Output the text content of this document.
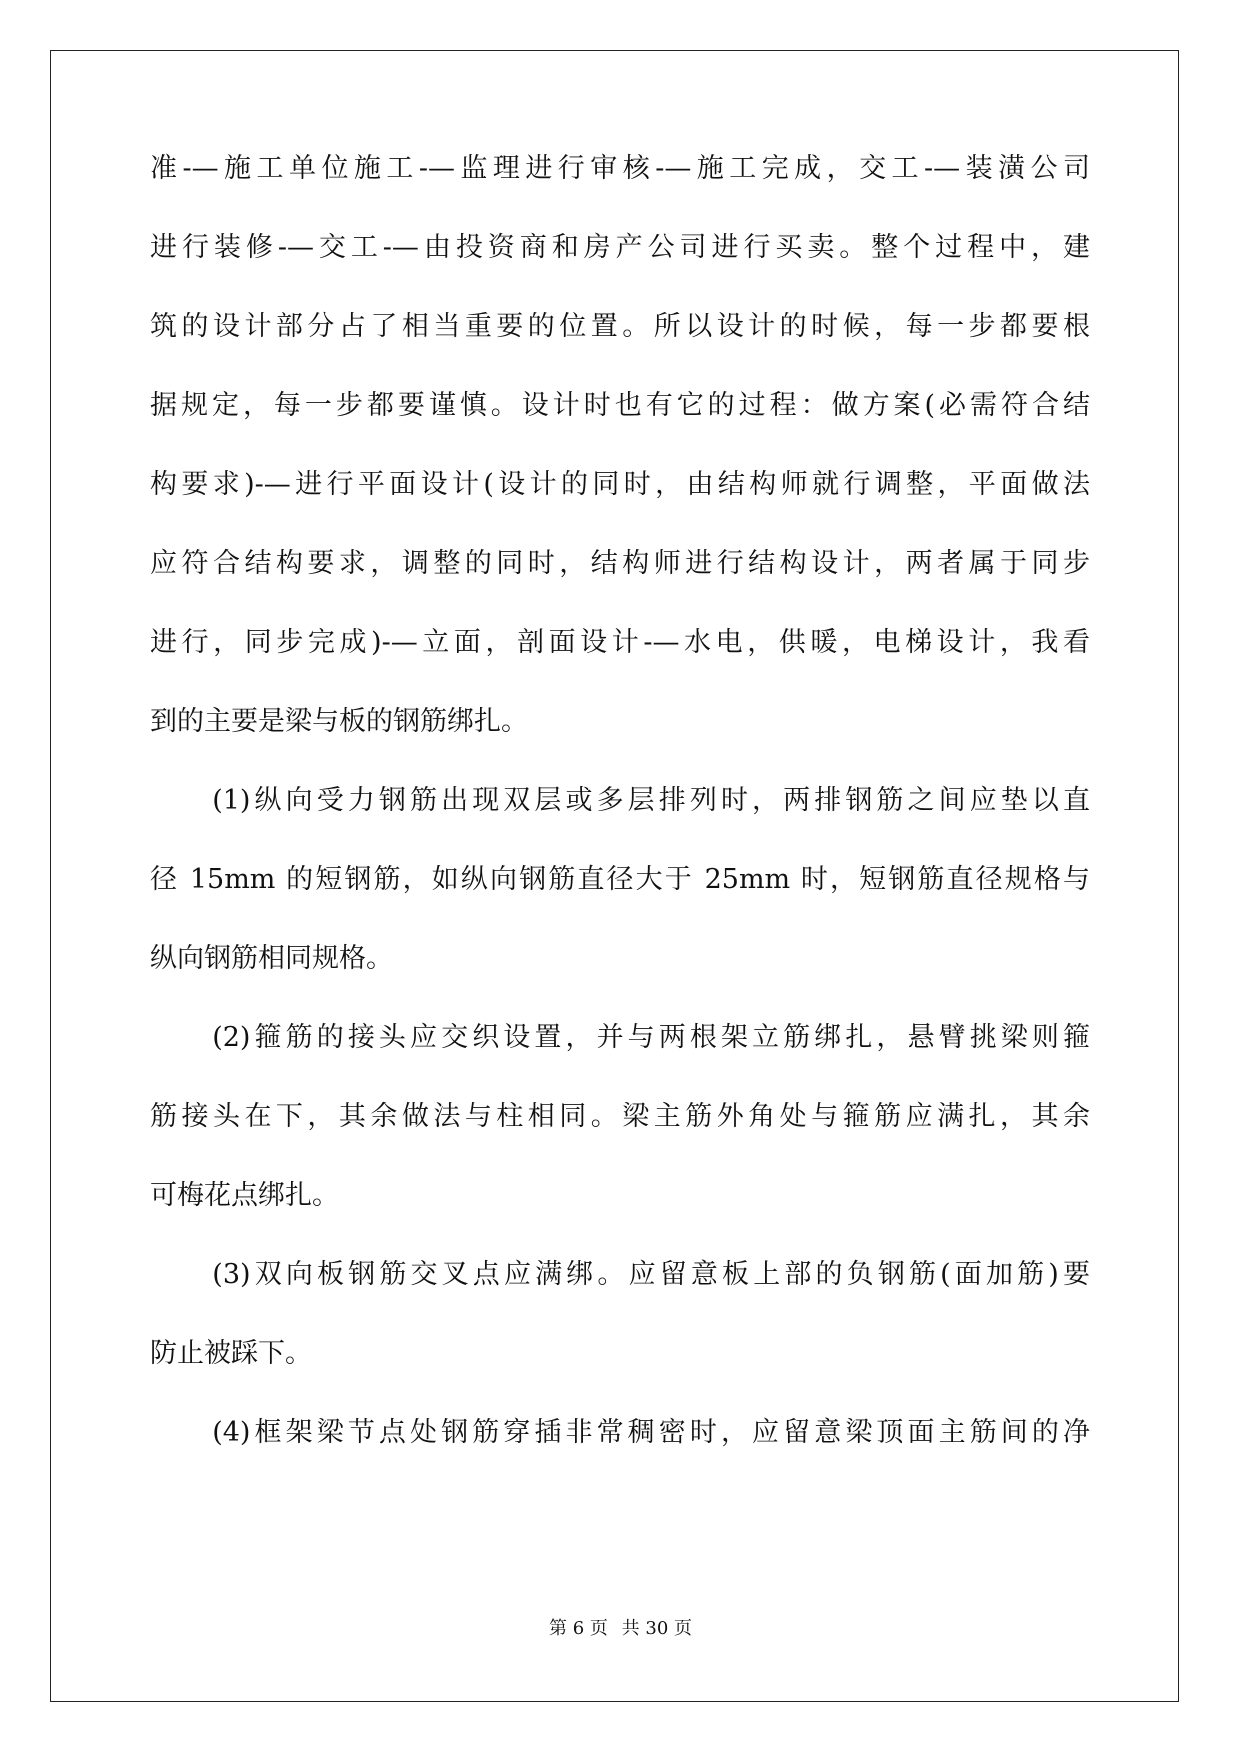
准-—施工单位施工-—监理进行审核-—施工完成，交工-—装潢公司
进行装修-—交工-—由投资商和房产公司进行买卖。整个过程中，建
筑的设计部分占了相当重要的位置。所以设计的时候，每一步都要根
据规定，每一步都要谨慎。设计时也有它的过程：做方案(必需符合结
构要求)-—进行平面设计(设计的同时，由结构师就行调整，平面做法
应符合结构要求，调整的同时，结构师进行结构设计，两者属于同步
进行，同步完成)-—立面，剖面设计-—水电，供暖，电梯设计，我看
到的主要是梁与板的钢筋绑扎。
　　(1)纵向受力钢筋出现双层或多层排列时，两排钢筋之间应垫以直
径 15mm 的短钢筋，如纵向钢筋直径大于 25mm 时，短钢筋直径规格与
纵向钢筋相同规格。
　　(2)箍筋的接头应交织设置，并与两根架立筋绑扎，悬臂挑梁则箍
筋接头在下，其余做法与柱相同。梁主筋外角处与箍筋应满扎，其余
可梅花点绑扎。
　　(3)双向板钢筋交叉点应满绑。应留意板上部的负钢筋(面加筋)要
防止被踩下。
　　(4)框架梁节点处钢筋穿插非常稠密时，应留意梁顶面主筋间的净
第 6 页 共 30 页
